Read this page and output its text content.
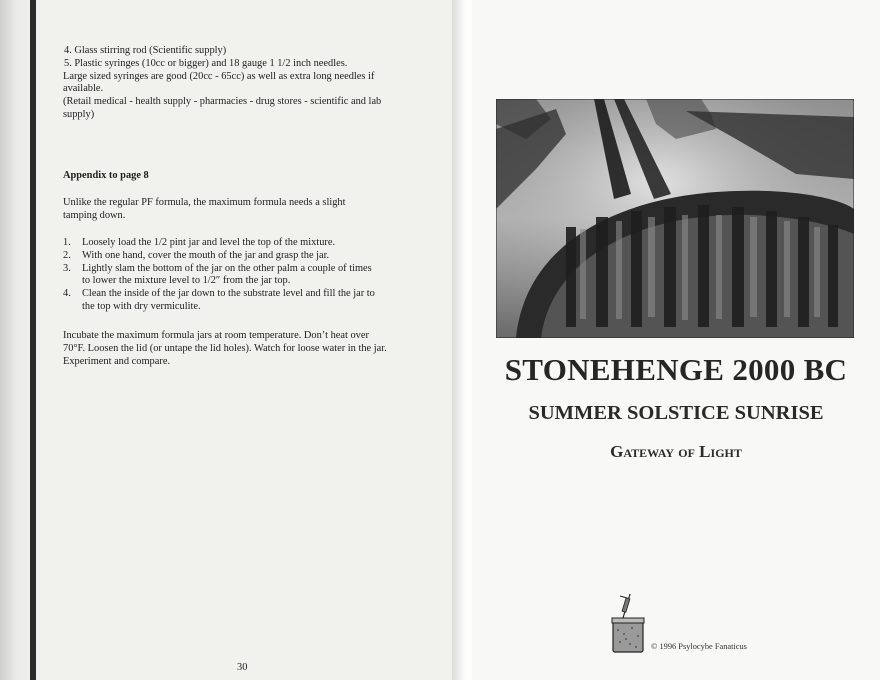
4. Glass stirring rod (Scientific supply)

5. Plastic syringes (10cc or bigger) and 18 gauge 1 1/2 inch needles.

Large sized syringes are good (20cc - 65cc) as well as extra long needles if

available.

(Retail medical - health supply - pharmacies - drug stores - scientific and lab

supply)

Appendix to page 8

Unlike the regular PF formula, the maximum formula needs a slight

tamping down.

1.	Loosely load the 1/2 pint jar and level the top of the mixture.
2.	With one hand, cover the mouth of the jar and grasp the jar.
3.	Lightly slam the bottom of the jar on the other palm a couple of times
to lower the mixture level to 1/2″ from the jar top.
4.	Clean the inside of the jar down to the substrate level and fill the jar to
the top with dry vermiculite.

Incubate the maximum formula jars at room temperature. Don’t heat over

70°F. Loosen the lid (or untape the lid holes). Watch for loose water in the jar.

Experiment and compare.

30
STONEHENGE 2000 BC
SUMMER SOLSTICE SUNRISE
Gateway of Light
© 1996 Psylocybe Fanaticus
